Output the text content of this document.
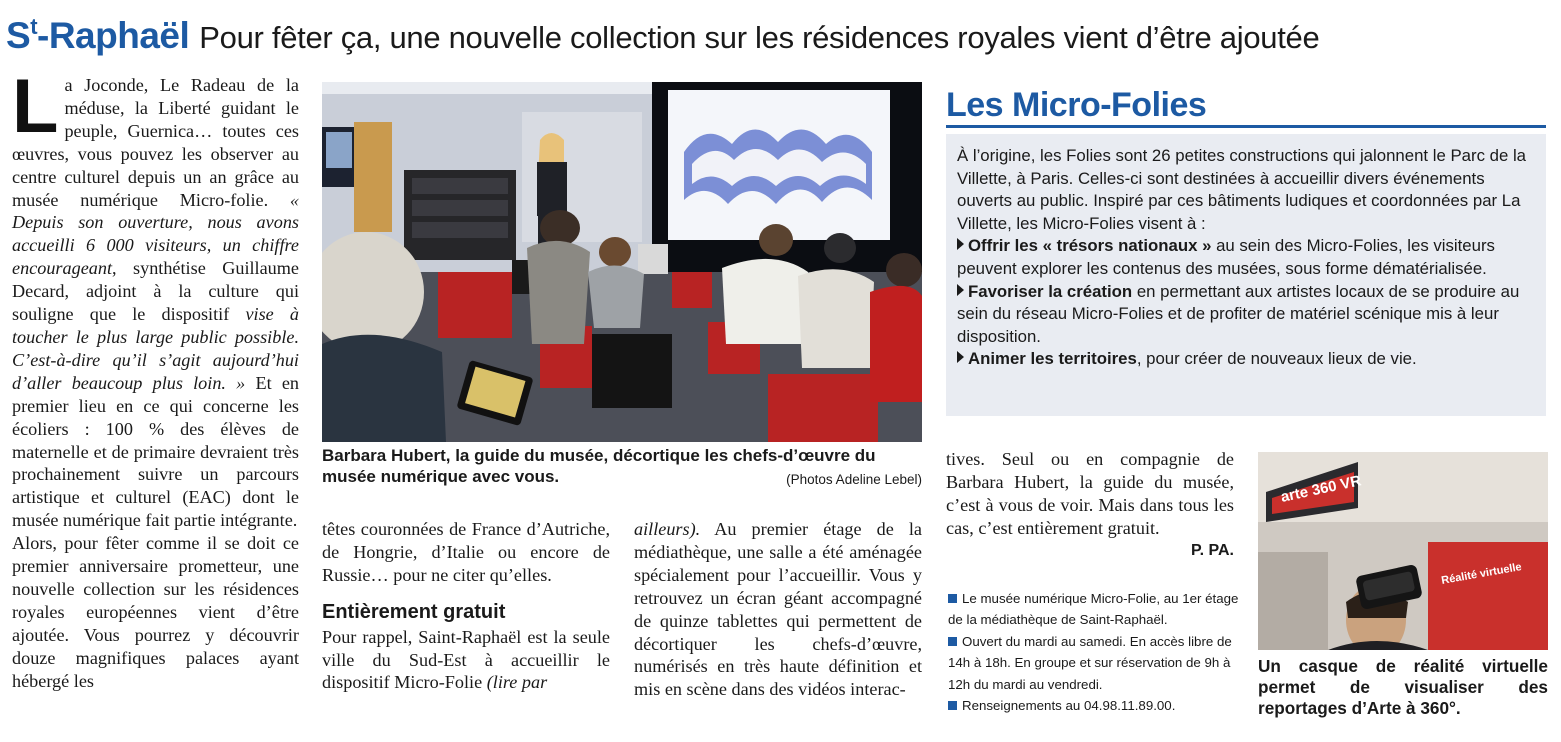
$S^t$-Raphaël Pour fêter ça, une nouvelle collection sur les résidences royales vient d’être ajoutée

La Joconde, Le Radeau de la méduse, la Liberté guidant le peuple, Guernica… toutes ces œuvres, vous pouvez les observer au centre culturel depuis un an grâce au musée numérique Micro-folie. « Depuis son ouverture, nous avons accueilli 6 000 visiteurs, un chiffre encourageant, synthétise Guillaume Decard, adjoint à la culture qui souligne que le dispositif vise à toucher le plus large public possible. C’est-à-dire qu’il s’agit aujourd’hui d’aller beaucoup plus loin. » Et en premier lieu en ce qui concerne les écoliers : 100 % des élèves de maternelle et de primaire devraient très prochainement suivre un parcours artistique et culturel (EAC) dont le musée numérique fait partie intégrante.

Alors, pour fêter comme il se doit ce premier anniversaire prometteur, une nouvelle collection sur les résidences royales européennes vient d’être ajoutée. Vous pourrez y découvrir douze magnifiques palaces ayant hébergé les

Barbara Hubert, la guide du musée, décortique les chefs-d’œuvre du musée numérique avec vous.	(Photos Adeline Lebel)

têtes couronnées de France d’Autriche, de Hongrie, d’Italie ou encore de Russie… pour ne citer qu’elles.

Entièrement gratuit

Pour rappel, Saint-Raphaël est la seule ville du Sud-Est à accueillir le dispositif Micro-Folie (lire par

ailleurs). Au premier étage de la médiathèque, une salle a été aménagée spécialement pour l’accueillir. Vous y retrouvez un écran géant accompagné de quinze tablettes qui permettent de décortiquer les chefs-d’œuvre, numérisés en très haute définition et mis en scène dans des vidéos interac-

Les Micro-Folies

À l’origine, les Folies sont 26 petites constructions qui jalonnent le Parc de la Villette, à Paris. Celles-ci sont destinées à accueillir divers événements ouverts au public. Inspiré par ces bâtiments ludiques et coordonnées par La Villette, les Micro-Folies visent à :

Offrir les « trésors nationaux » au sein des Micro-Folies, les visiteurs peuvent explorer les contenus des musées, sous forme dématérialisée.

Favoriser la création en permettant aux artistes locaux de se produire au sein du réseau Micro-Folies et de profiter de matériel scénique mis à leur disposition.

Animer les territoires, pour créer de nouveaux lieux de vie.

tives. Seul ou en compagnie de Barbara Hubert, la guide du musée, c’est à vous de voir. Mais dans tous les cas, c’est entièrement gratuit.

P. PA.
Le musée numérique Micro-Folie, au 1er étage de la médiathèque de Saint-Raphaël.
Ouvert du mardi au samedi. En accès libre de 14h à 18h. En groupe et sur réservation de 9h à 12h du mardi au vendredi.
Renseignements au 04.98.11.89.00.
arte 360 VR
Réalité virtuelle
Un casque de réalité virtuelle permet de visualiser des reportages d’Arte à 360°.
